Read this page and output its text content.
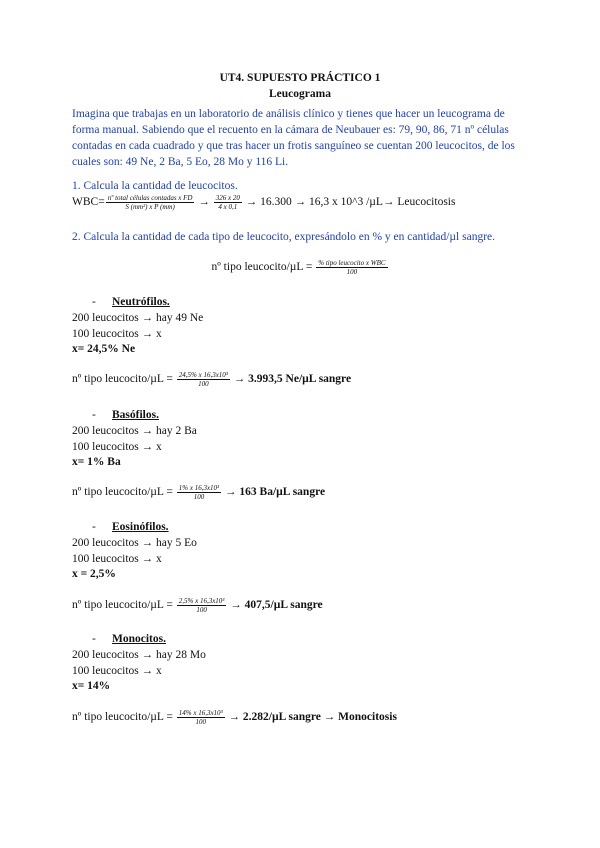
UT4. SUPUESTO PRÁCTICO 1
Leucograma
Imagina que trabajas en un laboratorio de análisis clínico y tienes que hacer un leucograma de forma manual. Sabiendo que el recuento en la cámara de Neubauer es: 79, 90, 86, 71 nº células contadas en cada cuadrado y que tras hacer un frotis sanguíneo se cuentan 200 leucocitos, de los cuales son: 49 Ne, 2 Ba, 5 Eo, 28 Mo y 116 Li.
1. Calcula la cantidad de leucocitos.
$WBC= \frac{\text{nº total células contadas x FD}}{\text{S (mm²) x P (mm)}} \to \frac{326 x 20}{4 x 0,1} \to 16.300 \to 16,3$ x 10^3 /µL→ Leucocitosis
2. Calcula la cantidad de cada tipo de leucocito, expresándolo en % y en cantidad/µl sangre.
nº tipo leucocito/µL = $\frac{\text{\% tipo leucocito x WBC}}{100}$
- Neutrófilos.
200 leucocitos → hay 49 Ne
100 leucocitos → x
x= 24,5% Ne
nº tipo leucocito/µL = $\frac{\text{24,5\% x 16,3x10³}}{100} \to 3.993,5$ Ne/µL sangre
- Basófilos.
200 leucocitos → hay 2 Ba
100 leucocitos → x
x= 1% Ba
nº tipo leucocito/µL = $\frac{\text{1\% x 16,3x10³}}{100} \to 163$ Ba/µL sangre
- Eosinófilos.
200 leucocitos → hay 5 Eo
100 leucocitos → x
x = 2,5%
nº tipo leucocito/µL = $\frac{\text{2,5\% x 16,3x10³}}{100} \to 407,5/\mu L$ sangre
- Monocitos.
200 leucocitos → hay 28 Mo
100 leucocitos → x
x= 14%
nº tipo leucocito/µL = $\frac{\text{14\% x 16,3x10³}}{100} \to 2.282/\mu L$ sangre → Monocitosis
